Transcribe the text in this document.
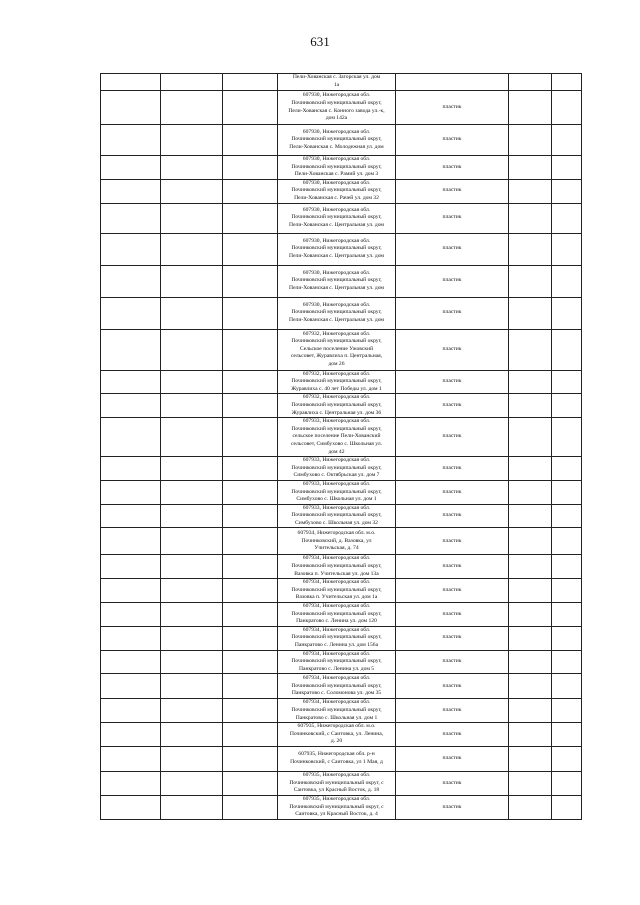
631

			Пели-Хованская с. Загорская ул. дом
1а			

			607930, Нижегородская обл.
Починковский муниципальный округ,
Пели-Хованская с. Конного завода ул.-к,
дом 142а	пластик		

			607930, Нижегородская обл.
Починковский муниципальный округ,
Пели-Хованская с. Молодежная ул. дом	пластик		

			607930, Нижегородская обл.
Починковский муниципальный округ,
Пели-Хованская с. Рамий ул. дом 3	пластик		

			607930, Нижегородская обл.
Починковский муниципальный округ,
Пели-Хованская с. Рачей ул. дом 32	пластик		

			607930, Нижегородская обл.
Починковский муниципальный округ,
Пели-Хованская с. Центральная ул. дом	пластик		

			607930, Нижегородская обл.
Починковский муниципальный округ,
Пели-Хованская с. Центральная ул. дом	пластик		

			607930, Нижегородская обл.
Починковский муниципальный округ,
Пели-Хованская с. Центральная ул. дом	пластик		

			607930, Нижегородская обл.
Починковский муниципальный округ,
Пели-Хованская с. Центральная ул. дом	пластик		

			607932, Нижегородская обл.
Починковский муниципальный округ,
Сельское поселение Ужовский
сельсовет, Журавлиха п. Центральная,
дом 26	пластик		

			607932, Нижегородская обл.
Починковский муниципальный округ,
Журавлиха с. 40 лет Победы ул. дом 1	пластик		

			607932, Нижегородская обл.
Починковский муниципальный округ,
Журавлиха с. Центральная ул. дом 36	пластик		

			607933, Нижегородская обл.
Починковский муниципальный округ,
сельское поселение Пели-Хованский
сельсовет, Симбухово с. Школьная ул.
дом 42	пластик		

			607933, Нижегородская обл.
Починковский муниципальный округ,
Симбухово с. Октябрьская ул. дом 7	пластик		

			607933, Нижегородская обл.
Починковский муниципальный округ,
Симбухово с. Школьная ул. дом 1	пластик		

			607933, Нижегородская обл.
Починковский муниципальный округ,
Симбухово с. Школьная ул. дом 32	пластик		

			607934, Нижегородская обл. м.о.
Починковский, д. Вазовка, ул
Учительская, д. 74	пластик		

			607934, Нижегородская обл.
Починковский муниципальный округ,
Вазовка п. Учительская ул. дом 13а	пластик		

			607934, Нижегородская обл.
Починковский муниципальный округ,
Вазовка п. Учительская ул. дом 1а	пластик		

			607934, Нижегородская обл.
Починковский муниципальный округ,
Панкратово с. Ленина ул. дом 120	пластик		

			607934, Нижегородская обл.
Починковский муниципальный округ,
Панкратово с. Ленина ул. дом 156а	пластик		

			607934, Нижегородская обл.
Починковский муниципальный округ,
Панкратово с. Ленина ул. дом 5	пластик		

			607934, Нижегородская обл.
Починковский муниципальный округ,
Панкратово с. Соломонова ул. дом 35	пластик		

			607934, Нижегородская обл.
Починковский муниципальный округ,
Панкратово с. Школьная ул. дом 1	пластик		

			607935, Нижегородская обл. м.о.
Починковский, с Саитовка, ул. Ленина,
д. 20	пластик		

			607935, Нижегородская обл. р-н
Починковский, с Саитовка, ул 1 Мая, д	пластик		

			607935, Нижегородская обл.
Починковский муниципальный округ, с
Саитовка, ул Красный Восток, д. 18	пластик		

			607935, Нижегородская обл.
Починковский муниципальный округ, с
Саитовка, ул Красный Восток, д. 4	пластик		
